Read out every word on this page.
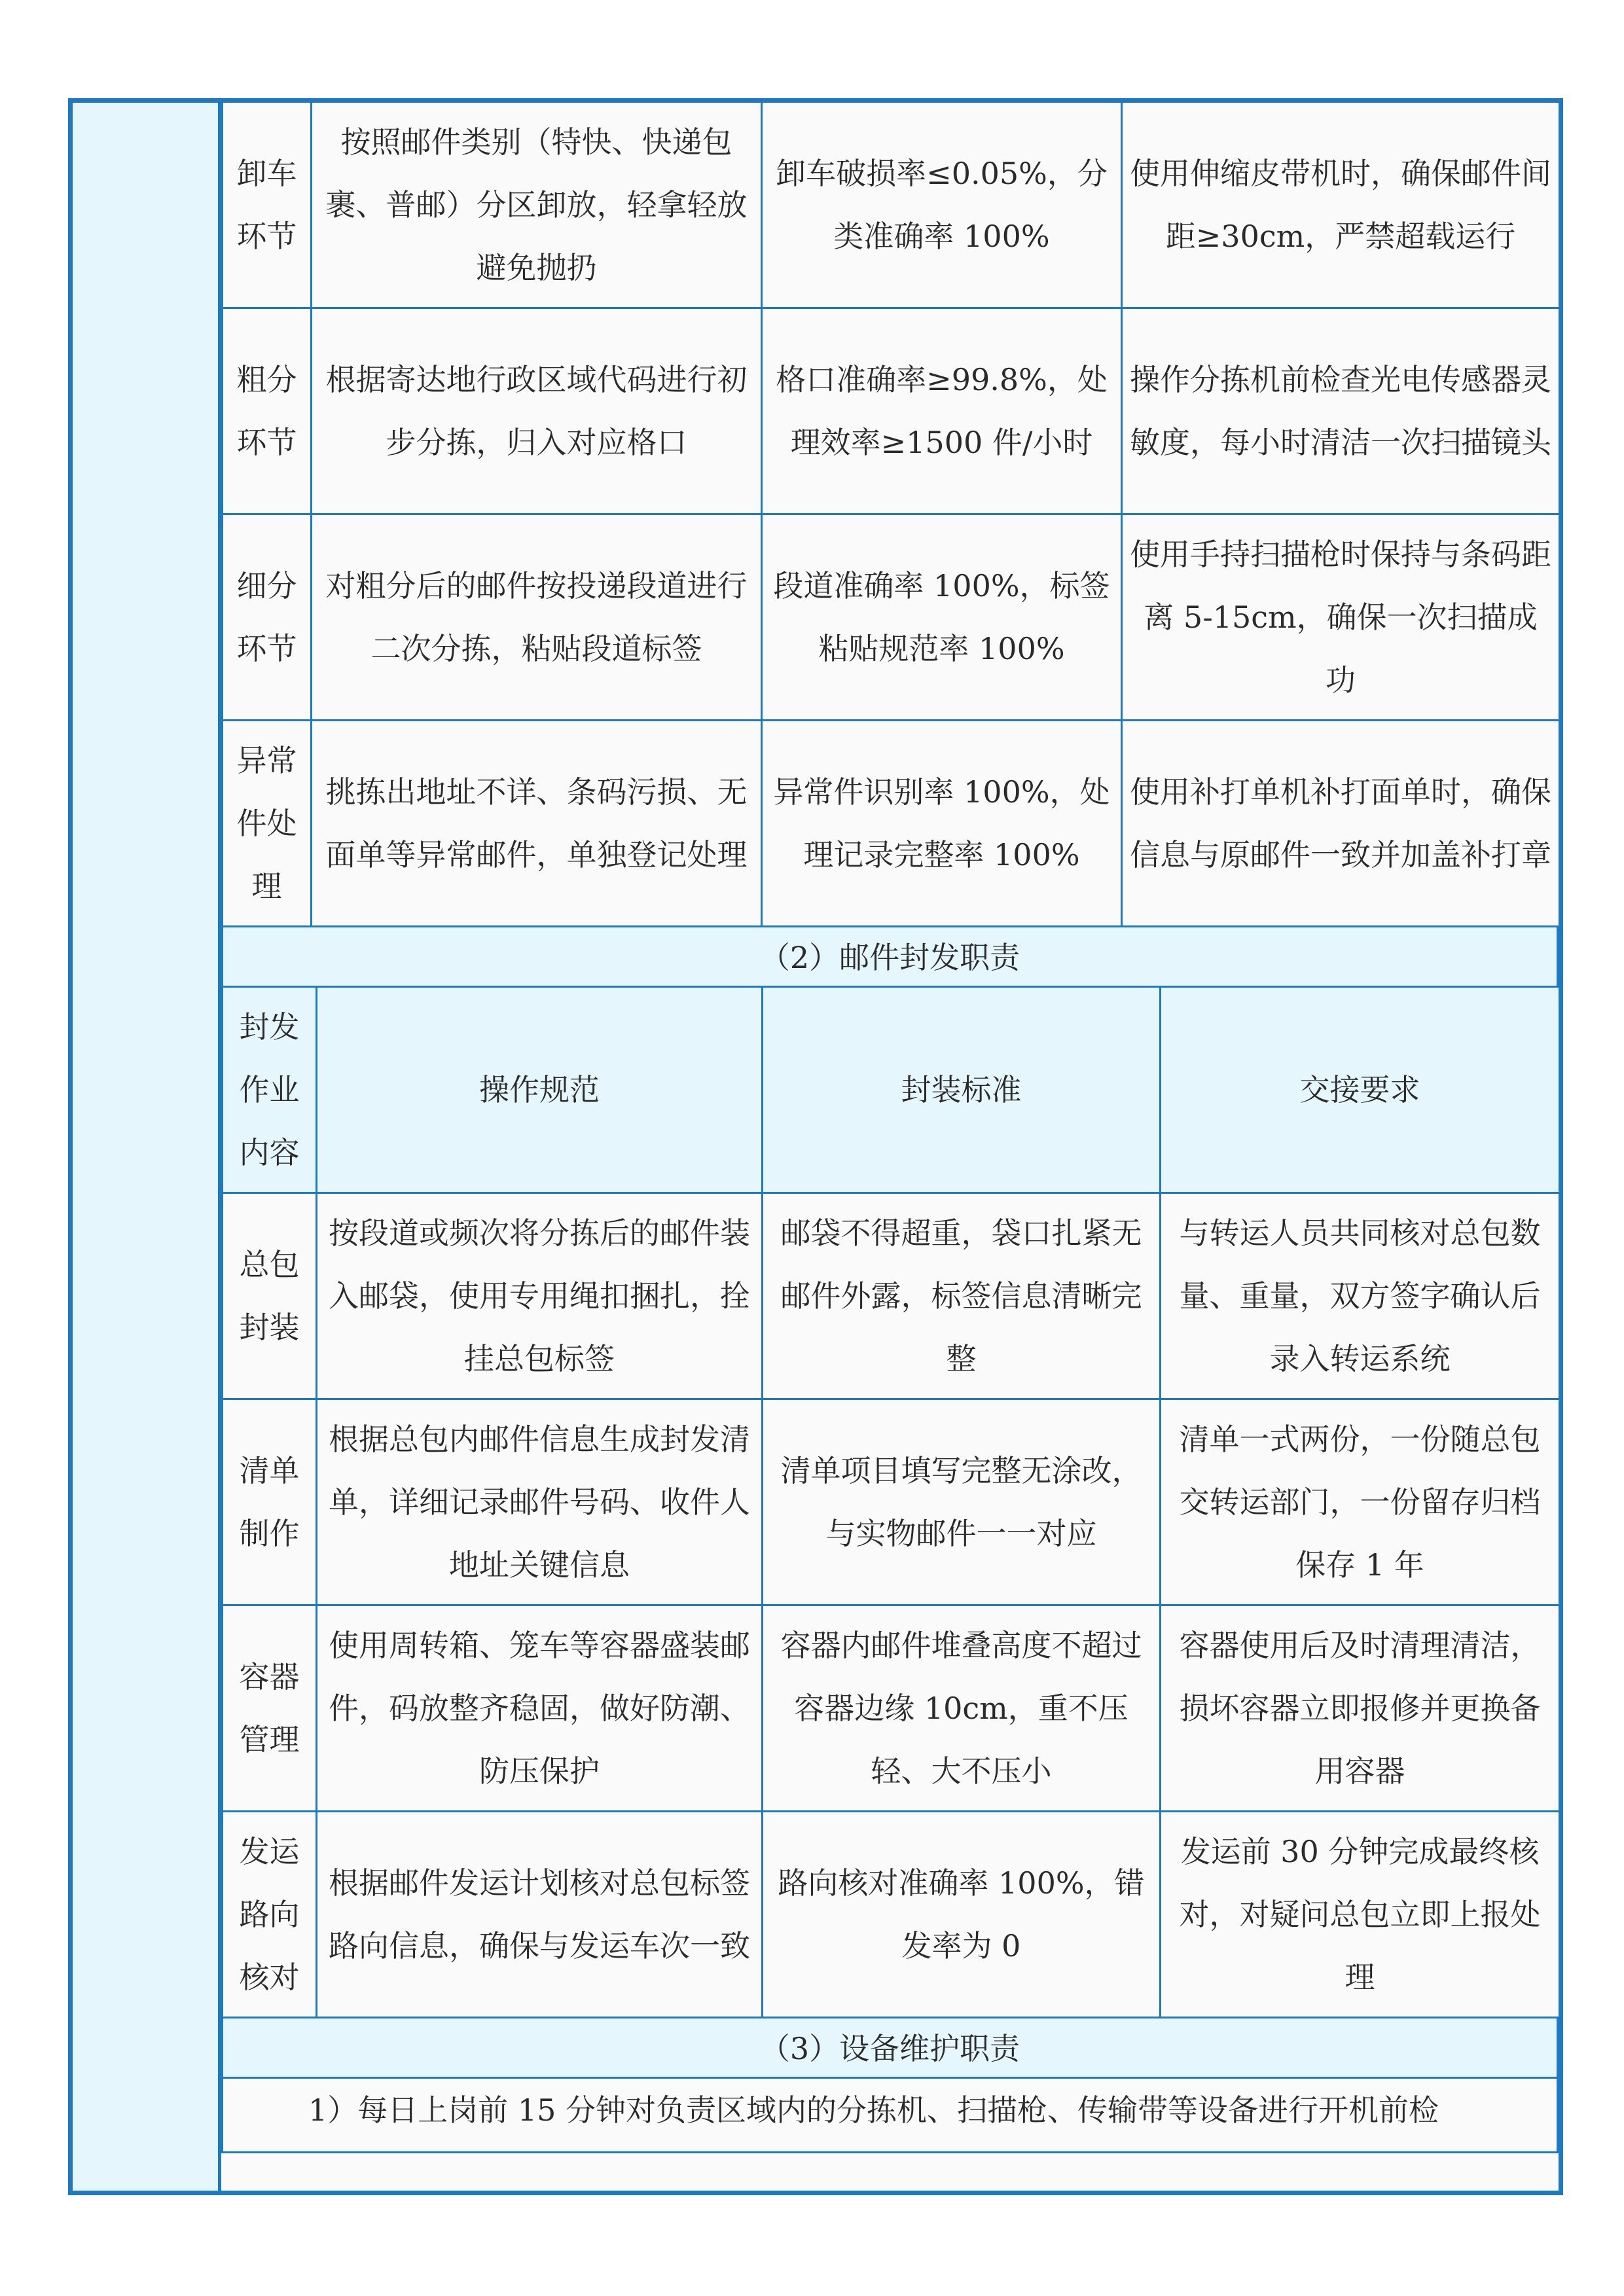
卸车环节	按照邮件类别（特快、快递包裹、普邮）分区卸放，轻拿轻放避免抛扔	卸车破损率≤0.05%，分类准确率 100%	使用伸缩皮带机时，确保邮件间距≥30cm，严禁超载运行
粗分环节	根据寄达地行政区域代码进行初步分拣，归入对应格口	格口准确率≥99.8%，处理效率≥1500 件/小时	操作分拣机前检查光电传感器灵敏度，每小时清洁一次扫描镜头
细分环节	对粗分后的邮件按投递段道进行二次分拣，粘贴段道标签	段道准确率 100%，标签粘贴规范率 100%	使用手持扫描枪时保持与条码距离 5-15cm，确保一次扫描成功
异常件处理	挑拣出地址不详、条码污损、无面单等异常邮件，单独登记处理	异常件识别率 100%，处理记录完整率 100%	使用补打单机补打面单时，确保信息与原邮件一致并加盖补打章
（2）邮件封发职责
封发作业内容	操作规范	封装标准	交接要求
总包封装	按段道或频次将分拣后的邮件装入邮袋，使用专用绳扣捆扎，拴挂总包标签	邮袋不得超重，袋口扎紧无邮件外露，标签信息清晰完整	与转运人员共同核对总包数量、重量，双方签字确认后录入转运系统
清单制作	根据总包内邮件信息生成封发清单，详细记录邮件号码、收件人地址关键信息	清单项目填写完整无涂改，与实物邮件一一对应	清单一式两份，一份随总包交转运部门，一份留存归档保存 1 年
容器管理	使用周转箱、笼车等容器盛装邮件，码放整齐稳固，做好防潮、防压保护	容器内邮件堆叠高度不超过容器边缘 10cm，重不压轻、大不压小	容器使用后及时清理清洁，损坏容器立即报修并更换备用容器
发运路向核对	根据邮件发运计划核对总包标签路向信息，确保与发运车次一致	路向核对准确率 100%，错发率为 0	发运前 30 分钟完成最终核对，对疑问总包立即上报处理
（3）设备维护职责
1）每日上岗前 15 分钟对负责区域内的分拣机、扫描枪、传输带等设备进行开机前检
